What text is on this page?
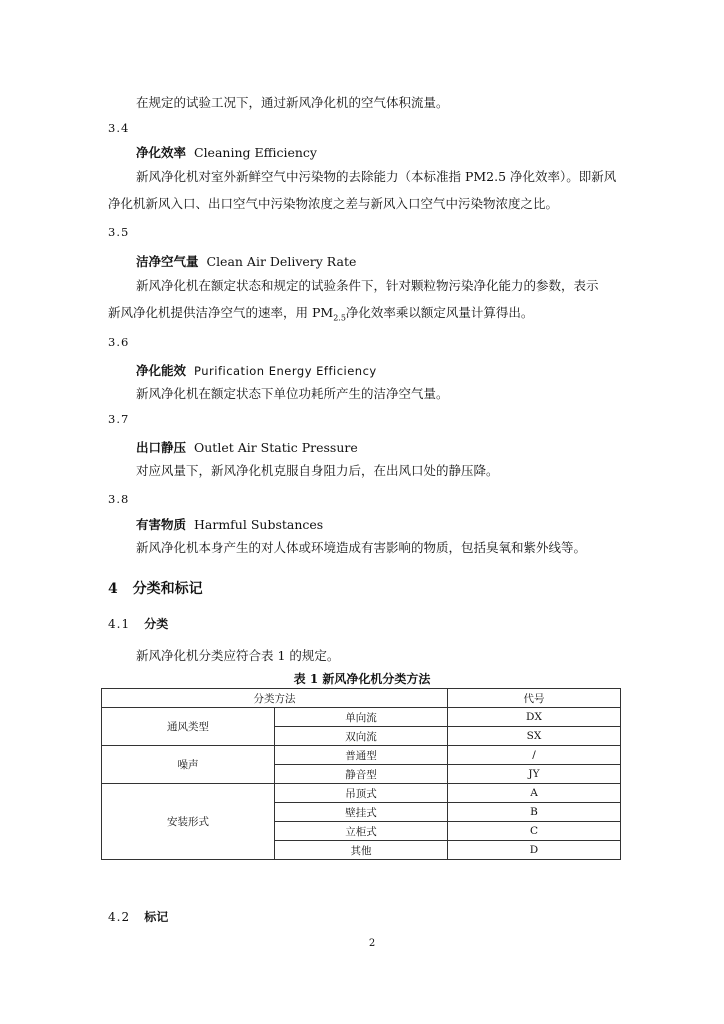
在规定的试验工况下，通过新风净化机的空气体积流量。
3.4
净化效率 Cleaning Efficiency
新风净化机对室外新鲜空气中污染物的去除能力（本标准指 PM2.5 净化效率）。即新风
净化机新风入口、出口空气中污染物浓度之差与新风入口空气中污染物浓度之比。
3.5
洁净空气量 Clean Air Delivery Rate
新风净化机在额定状态和规定的试验条件下，针对颗粒物污染净化能力的参数，表示
新风净化机提供洁净空气的速率，用 $PM_{2.5}$净化效率乘以额定风量计算得出。
3.6
净化能效 Purification Energy Efficiency
新风净化机在额定状态下单位功耗所产生的洁净空气量。
3.7
出口静压 Outlet Air Static Pressure
对应风量下，新风净化机克服自身阻力后，在出风口处的静压降。
3.8
有害物质 Harmful Substances
新风净化机本身产生的对人体或环境造成有害影响的物质，包括臭氧和紫外线等。
4 分类和标记
4.1 分类
新风净化机分类应符合表 1 的规定。
表 1 新风净化机分类方法
分类方法		代号
通风类型	单向流	DX
	双向流	SX
噪声	普通型	/
	静音型	JY
安装形式	吊顶式	A
	壁挂式	B
	立柜式	C
	其他	D
4.2 标记
2
